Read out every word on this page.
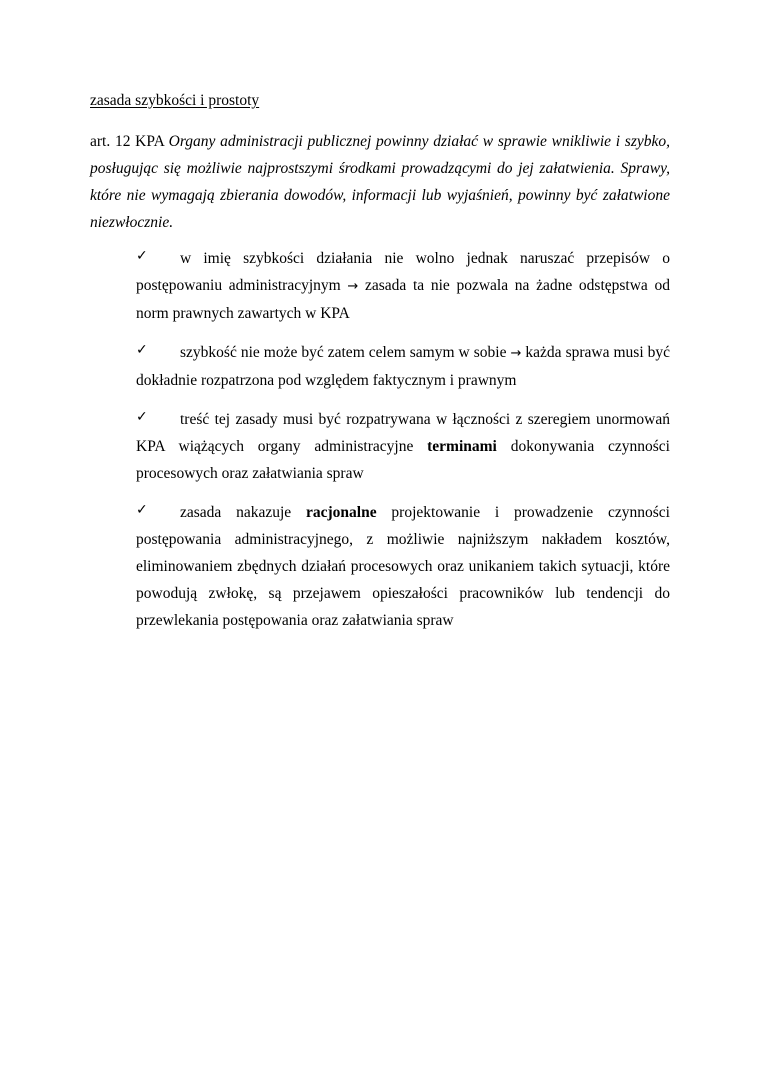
zasada szybkości i prostoty
art. 12 KPA Organy administracji publicznej powinny działać w sprawie wnikliwie i szybko, posługując się możliwie najprostszymi środkami prowadzącymi do jej załatwienia. Sprawy, które nie wymagają zbierania dowodów, informacji lub wyjaśnień, powinny być załatwione niezwłocznie.
✓	w imię szybkości działania nie wolno jednak naruszać przepisów o postępowaniu administracyjnym → zasada ta nie pozwala na żadne odstępstwa od norm prawnych zawartych w KPA
✓	szybkość nie może być zatem celem samym w sobie → każda sprawa musi być dokładnie rozpatrzona pod względem faktycznym i prawnym
✓	treść tej zasady musi być rozpatrywana w łączności z szeregiem unormowań KPA wiążących organy administracyjne terminami dokonywania czynności procesowych oraz załatwiania spraw
✓	zasada nakazuje racjonalne projektowanie i prowadzenie czynności postępowania administracyjnego, z możliwie najniższym nakładem kosztów, eliminowaniem zbędnych działań procesowych oraz unikaniem takich sytuacji, które powodują zwłokę, są przejawem opieszałości pracowników lub tendencji do przewlekania postępowania oraz załatwiania spraw
